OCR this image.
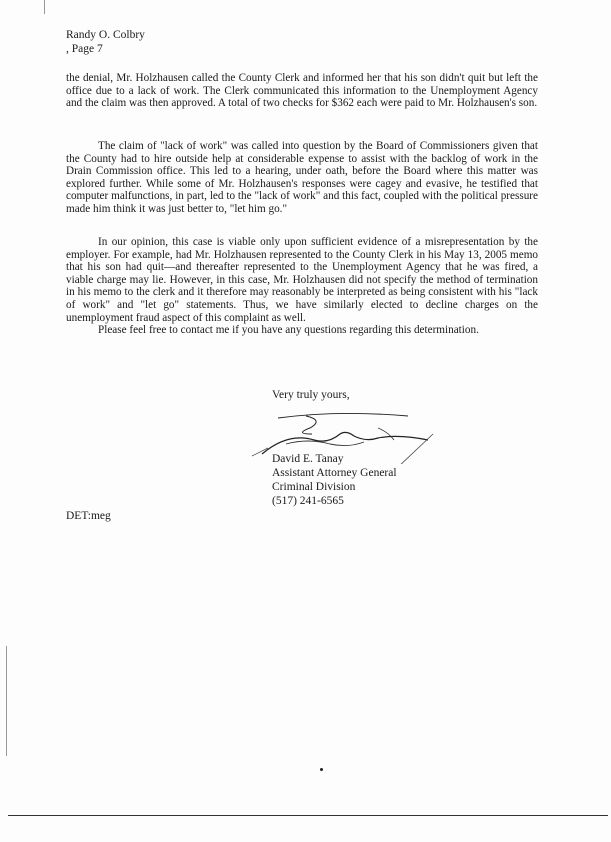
Randy O. Colbry
, Page 7

the denial, Mr. Holzhausen called the County Clerk and informed her that his son didn't quit but left the office due to a lack of work. The Clerk communicated this information to the Unemployment Agency and the claim was then approved. A total of two checks for $362 each were paid to Mr. Holzhausen's son.

The claim of "lack of work" was called into question by the Board of Commissioners given that the County had to hire outside help at considerable expense to assist with the backlog of work in the Drain Commission office. This led to a hearing, under oath, before the Board where this matter was explored further. While some of Mr. Holzhausen's responses were cagey and evasive, he testified that computer malfunctions, in part, led to the "lack of work" and this fact, coupled with the political pressure made him think it was just better to, "let him go."

In our opinion, this case is viable only upon sufficient evidence of a misrepresentation by the employer. For example, had Mr. Holzhausen represented to the County Clerk in his May 13, 2005 memo that his son had quit—and thereafter represented to the Unemployment Agency that he was fired, a viable charge may lie. However, in this case, Mr. Holzhausen did not specify the method of termination in his memo to the clerk and it therefore may reasonably be interpreted as being consistent with his "lack of work" and "let go" statements. Thus, we have similarly elected to decline charges on the unemployment fraud aspect of this complaint as well.

Please feel free to contact me if you have any questions regarding this determination.

Very truly yours,
David E. Tanay
Assistant Attorney General
Criminal Division
(517) 241-6565
DET:meg
